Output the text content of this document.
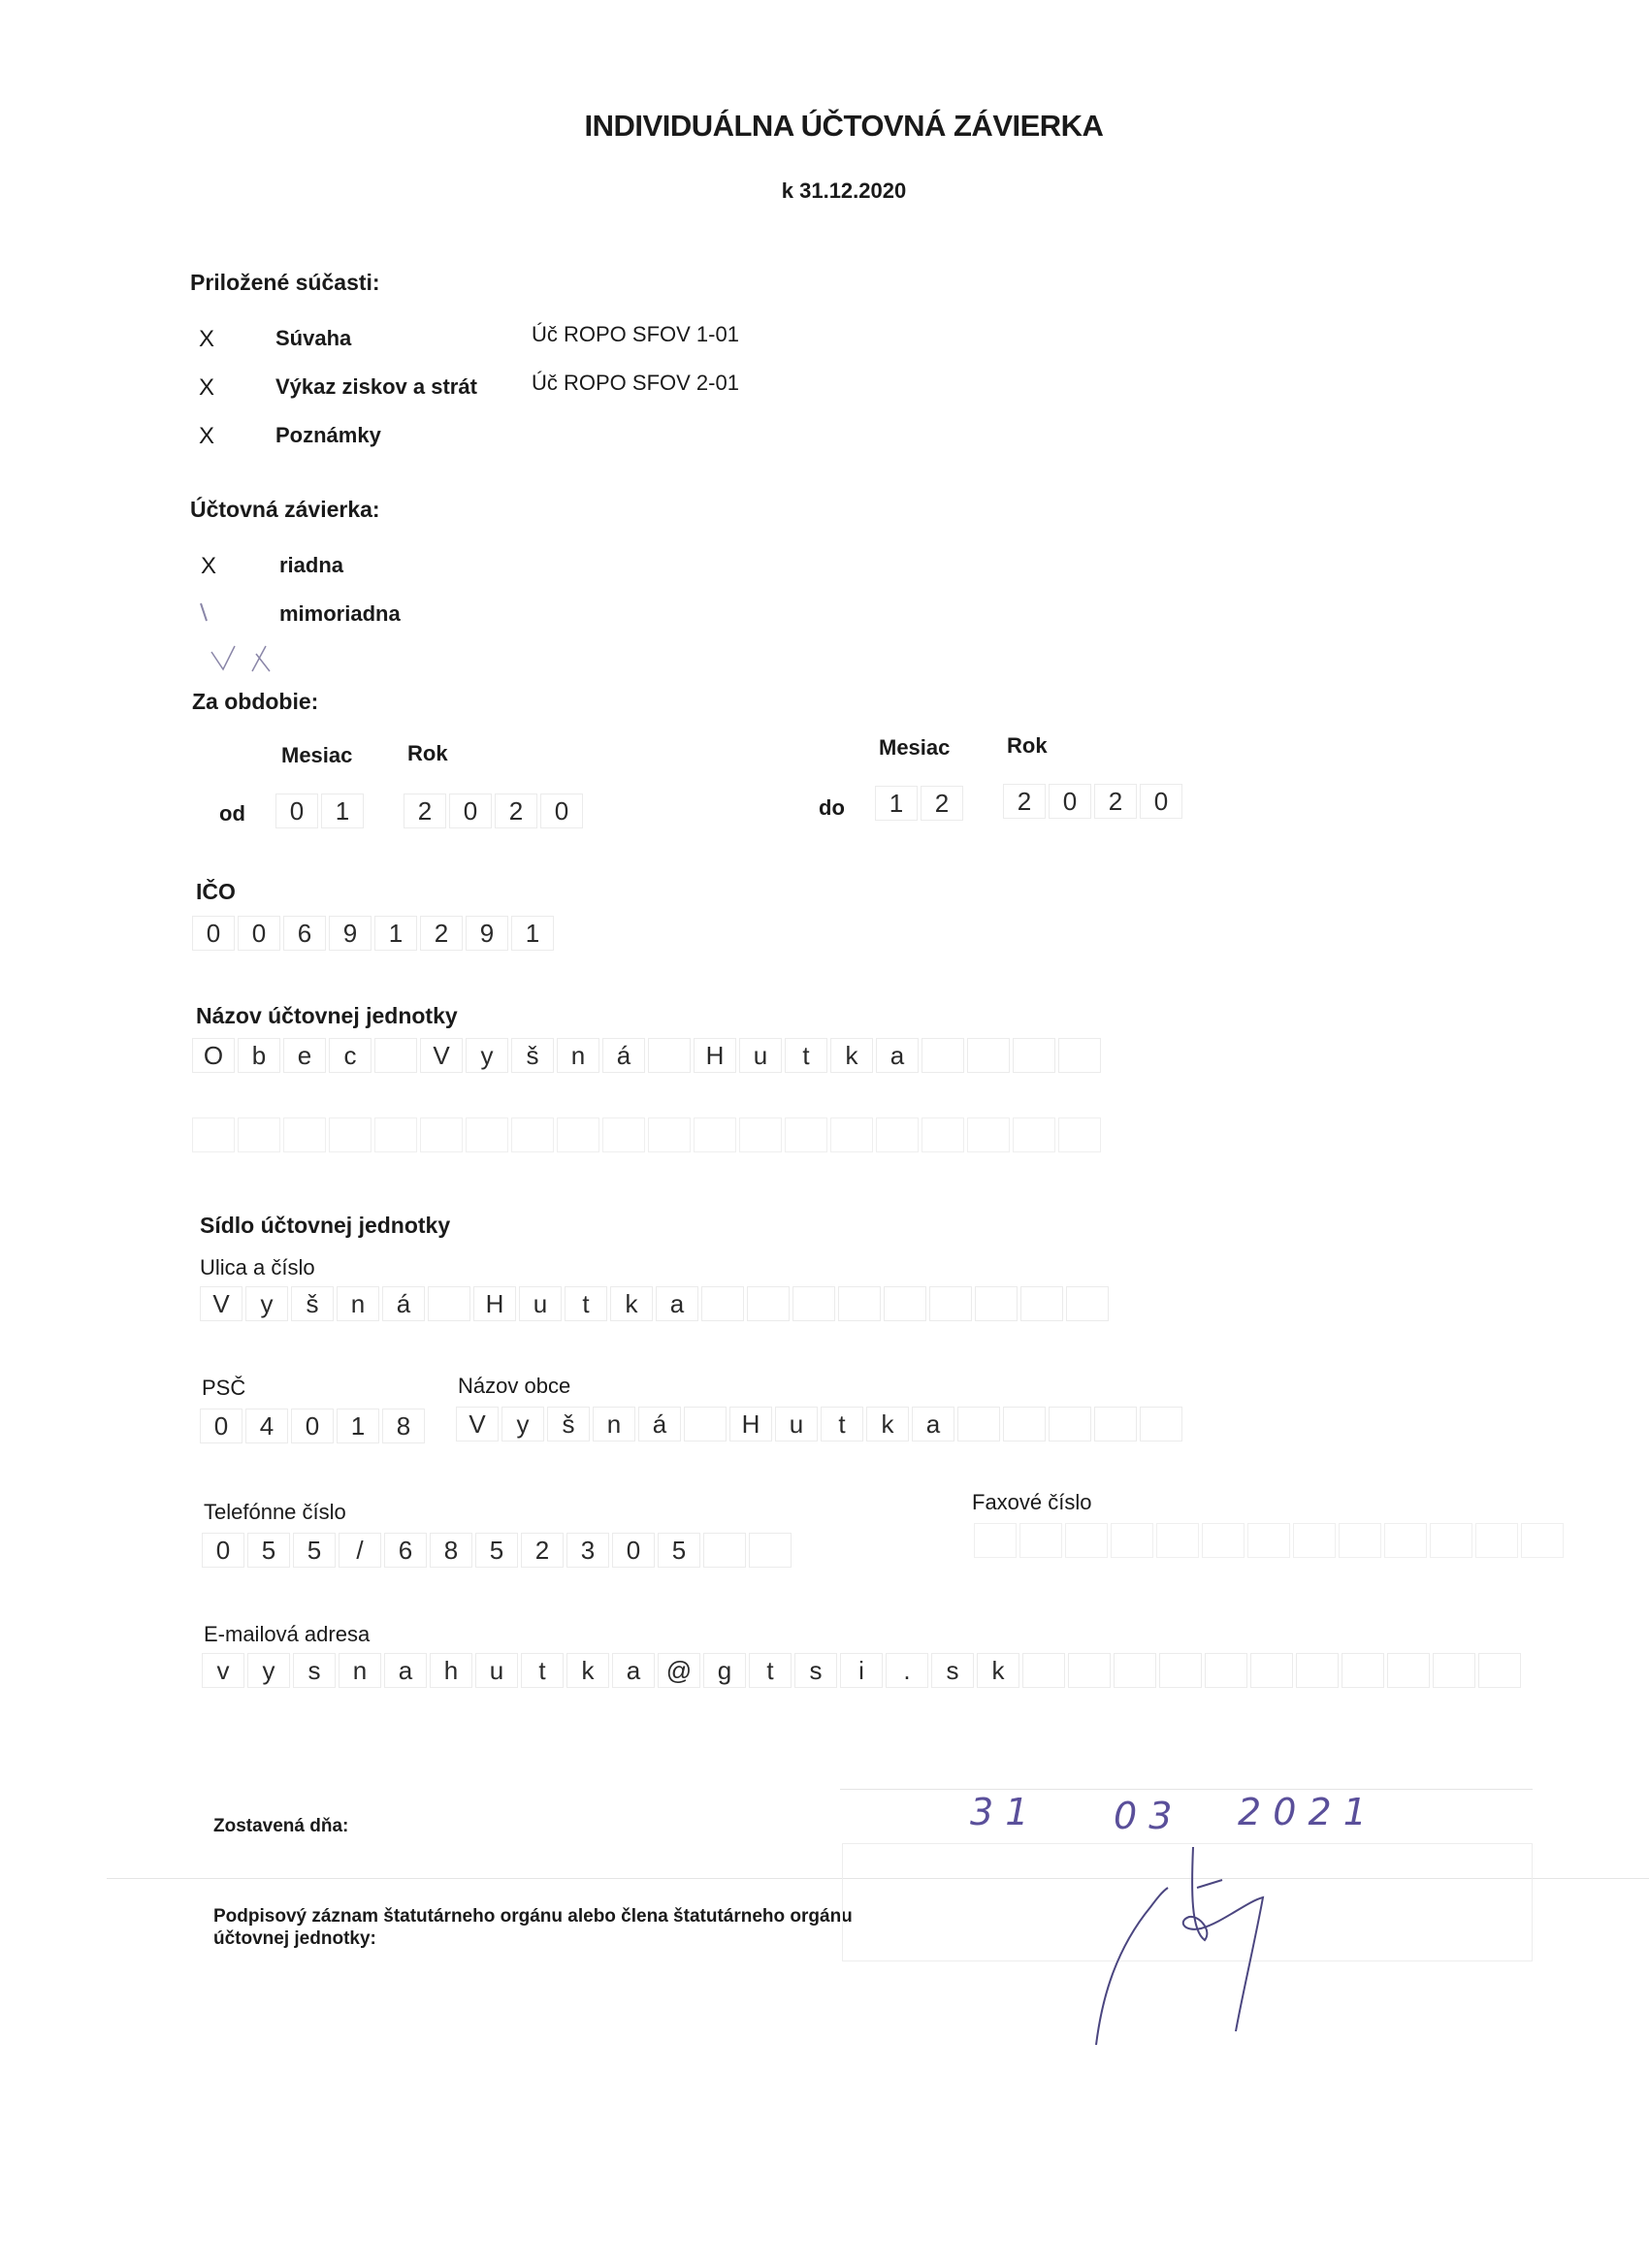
INDIVIDUÁLNA ÚČTOVNÁ ZÁVIERKA
k 31.12.2020
Priložené súčasti:
X	Súvaha	Úč ROPO SFOV 1-01
X	Výkaz ziskov a strát	Úč ROPO SFOV 2-01
X	Poznámky
Účtovná závierka:
X	riadna
mimoriadna
Za obdobie:
Mesiac	Rok	Mesiac	Rok
od	0	1	2	0	2	0	do	1	2	2	0	2	0
IČO
0	0	6	9	1	2	9	1
Názov účtovnej jednotky
O	b	e	c	V	y	š	n	á	H	u	t	k	a
Sídlo účtovnej jednotky
Ulica a číslo
V	y	š	n	á	H	u	t	k	a
PSČ	Názov obce
0	4	0	1	8	V	y	š	n	á	H	u	t	k	a
Telefónne číslo	Faxové číslo
0	5	5	/	6	8	5	2	3	0	5
E-mailová adresa
v	y	s	n	a	h	u	t	k	a	@	g	t	s	i	.	s	k
Zostavená dňa:	3 1 0 3 2 0 2 1
Podpisový záznam štatutárneho orgánu alebo člena štatutárneho orgánu
účtovnej jednotky:
